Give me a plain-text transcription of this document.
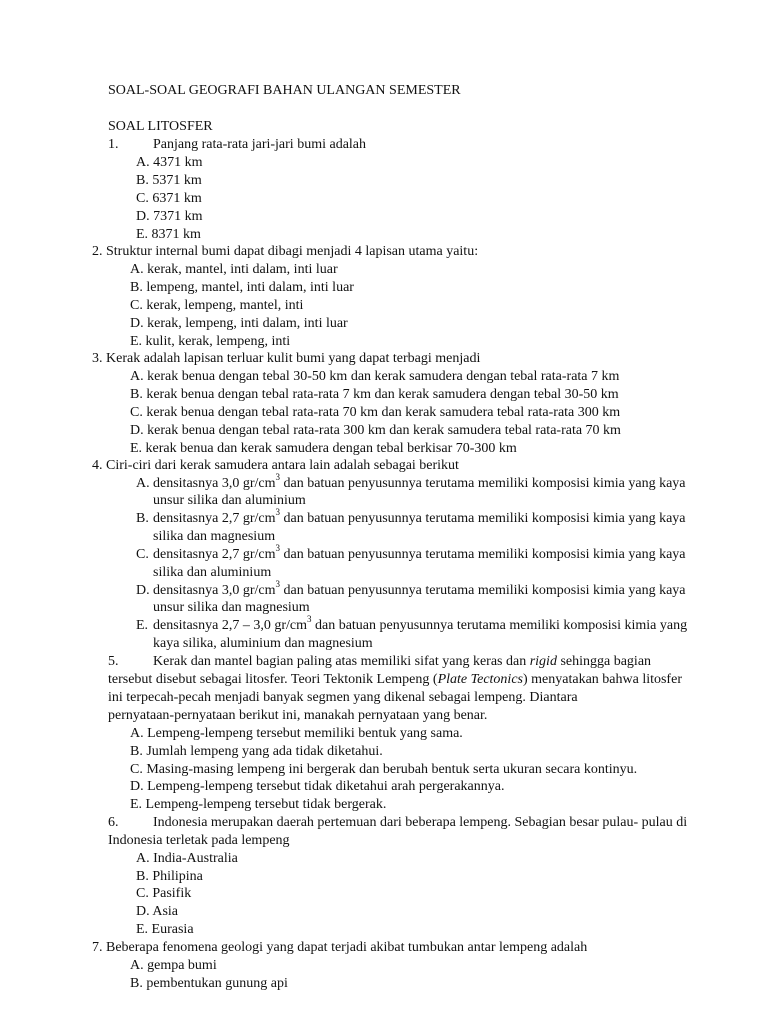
SOAL-SOAL GEOGRAFI BAHAN ULANGAN SEMESTER
SOAL LITOSFER
1. Panjang rata-rata jari-jari bumi adalah
A. 4371 km
B. 5371 km
C. 6371 km
D. 7371 km
E. 8371 km
2. Struktur internal bumi dapat dibagi menjadi 4 lapisan utama yaitu:
A. kerak, mantel, inti dalam, inti luar
B. lempeng, mantel, inti dalam, inti luar
C. kerak, lempeng, mantel, inti
D. kerak, lempeng, inti dalam, inti luar
E. kulit, kerak, lempeng, inti
3. Kerak adalah lapisan terluar kulit bumi yang dapat terbagi menjadi
A. kerak benua dengan tebal 30-50 km dan kerak samudera dengan tebal rata-rata 7 km
B. kerak benua dengan tebal rata-rata 7 km dan kerak samudera dengan tebal 30-50 km
C. kerak benua dengan tebal rata-rata 70 km dan kerak samudera tebal rata-rata 300 km
D. kerak benua dengan tebal rata-rata 300 km dan kerak samudera tebal rata-rata 70 km
E. kerak benua dan kerak samudera dengan tebal berkisar 70-300 km
4. Ciri-ciri dari kerak samudera antara lain adalah sebagai berikut
A. densitasnya 3,0 $gr/cm^3$ dan batuan penyusunnya terutama memiliki komposisi kimia yang kaya
unsur silika dan aluminium
B. densitasnya 2,7 $gr/cm^3$ dan batuan penyusunnya terutama memiliki komposisi kimia yang kaya
silika dan magnesium
C. densitasnya 2,7 $gr/cm^3$ dan batuan penyusunnya terutama memiliki komposisi kimia yang kaya
silika dan aluminium
D. densitasnya 3,0 $gr/cm^3$ dan batuan penyusunnya terutama memiliki komposisi kimia yang kaya
unsur silika dan magnesium
E. densitasnya 2,7 – 3,0 $gr/cm^3$ dan batuan penyusunnya terutama memiliki komposisi kimia yang
kaya silika, aluminium dan magnesium
5. Kerak dan mantel bagian paling atas memiliki sifat yang keras dan rigid sehingga bagian
tersebut disebut sebagai litosfer. Teori Tektonik Lempeng (Plate Tectonics) menyatakan bahwa litosfer
ini terpecah-pecah menjadi banyak segmen yang dikenal sebagai lempeng. Diantara
pernyataan-pernyataan berikut ini, manakah pernyataan yang benar.
A. Lempeng-lempeng tersebut memiliki bentuk yang sama.
B. Jumlah lempeng yang ada tidak diketahui.
C. Masing-masing lempeng ini bergerak dan berubah bentuk serta ukuran secara kontinyu.
D. Lempeng-lempeng tersebut tidak diketahui arah pergerakannya.
E. Lempeng-lempeng tersebut tidak bergerak.
6. Indonesia merupakan daerah pertemuan dari beberapa lempeng. Sebagian besar pulau- pulau di
Indonesia terletak pada lempeng
A. India-Australia
B. Philipina
C. Pasifik
D. Asia
E. Eurasia
7. Beberapa fenomena geologi yang dapat terjadi akibat tumbukan antar lempeng adalah
A. gempa bumi
B. pembentukan gunung api
